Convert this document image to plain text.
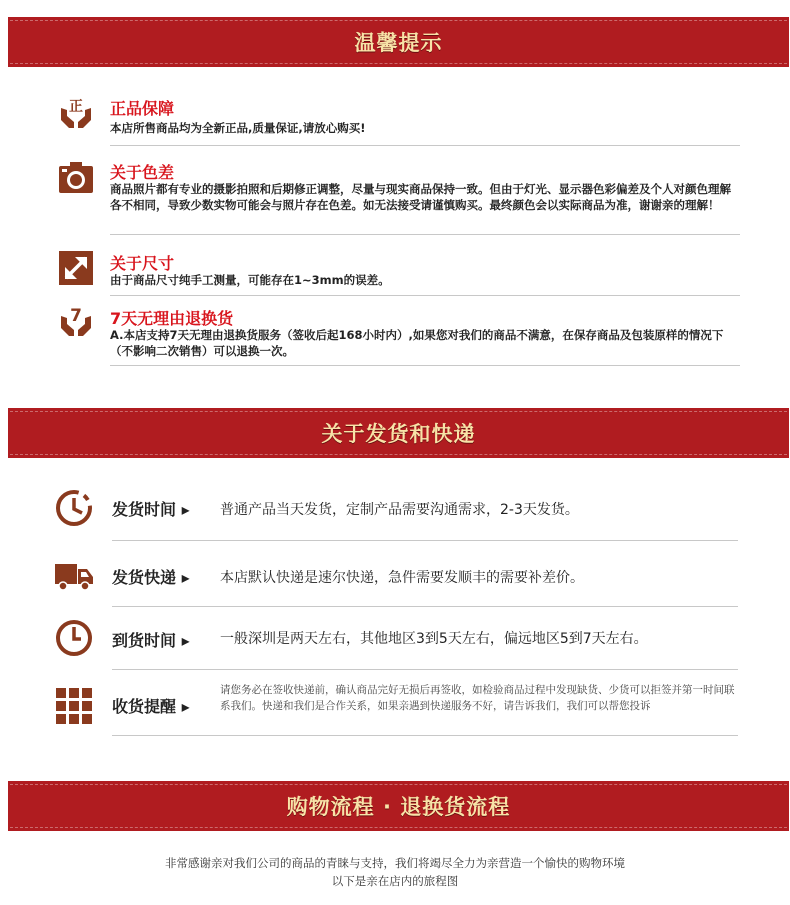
温馨提示
正 正品保障
本店所售商品均为全新正品,质量保证,请放心购买!
关于色差
商品照片都有专业的摄影拍照和后期修正调整，尽量与现实商品保持一致。但由于灯光、显示器色彩偏差及个人对颜色理解各不相同，导致少数实物可能会与照片存在色差。如无法接受请谨慎购买。最终颜色会以实际商品为准，谢谢亲的理解！
关于尺寸
由于商品尺寸纯手工测量，可能存在1~3mm的误差。
7 7天无理由退换货
A.本店支持7天无理由退换货服务（签收后起168小时内）,如果您对我们的商品不满意，在保存商品及包装原样的情况下（不影响二次销售）可以退换一次。
关于发货和快递
发货时间 ▸ 普通产品当天发货，定制产品需要沟通需求，2-3天发货。
发货快递 ▸ 本店默认快递是速尔快递，急件需要发顺丰的需要补差价。
到货时间 ▸ 一般深圳是两天左右，其他地区3到5天左右，偏远地区5到7天左右。
收货提醒 ▸
请您务必在签收快递前，确认商品完好无损后再签收，如检验商品过程中发现缺货、少货可以拒签并第一时间联系我们。快递和我们是合作关系，如果亲遇到快递服务不好，请告诉我们，我们可以帮您投诉
购物流程 · 退换货流程
非常感谢亲对我们公司的商品的青睐与支持，我们将竭尽全力为亲营造一个愉快的购物环境
以下是亲在店内的旅程图
